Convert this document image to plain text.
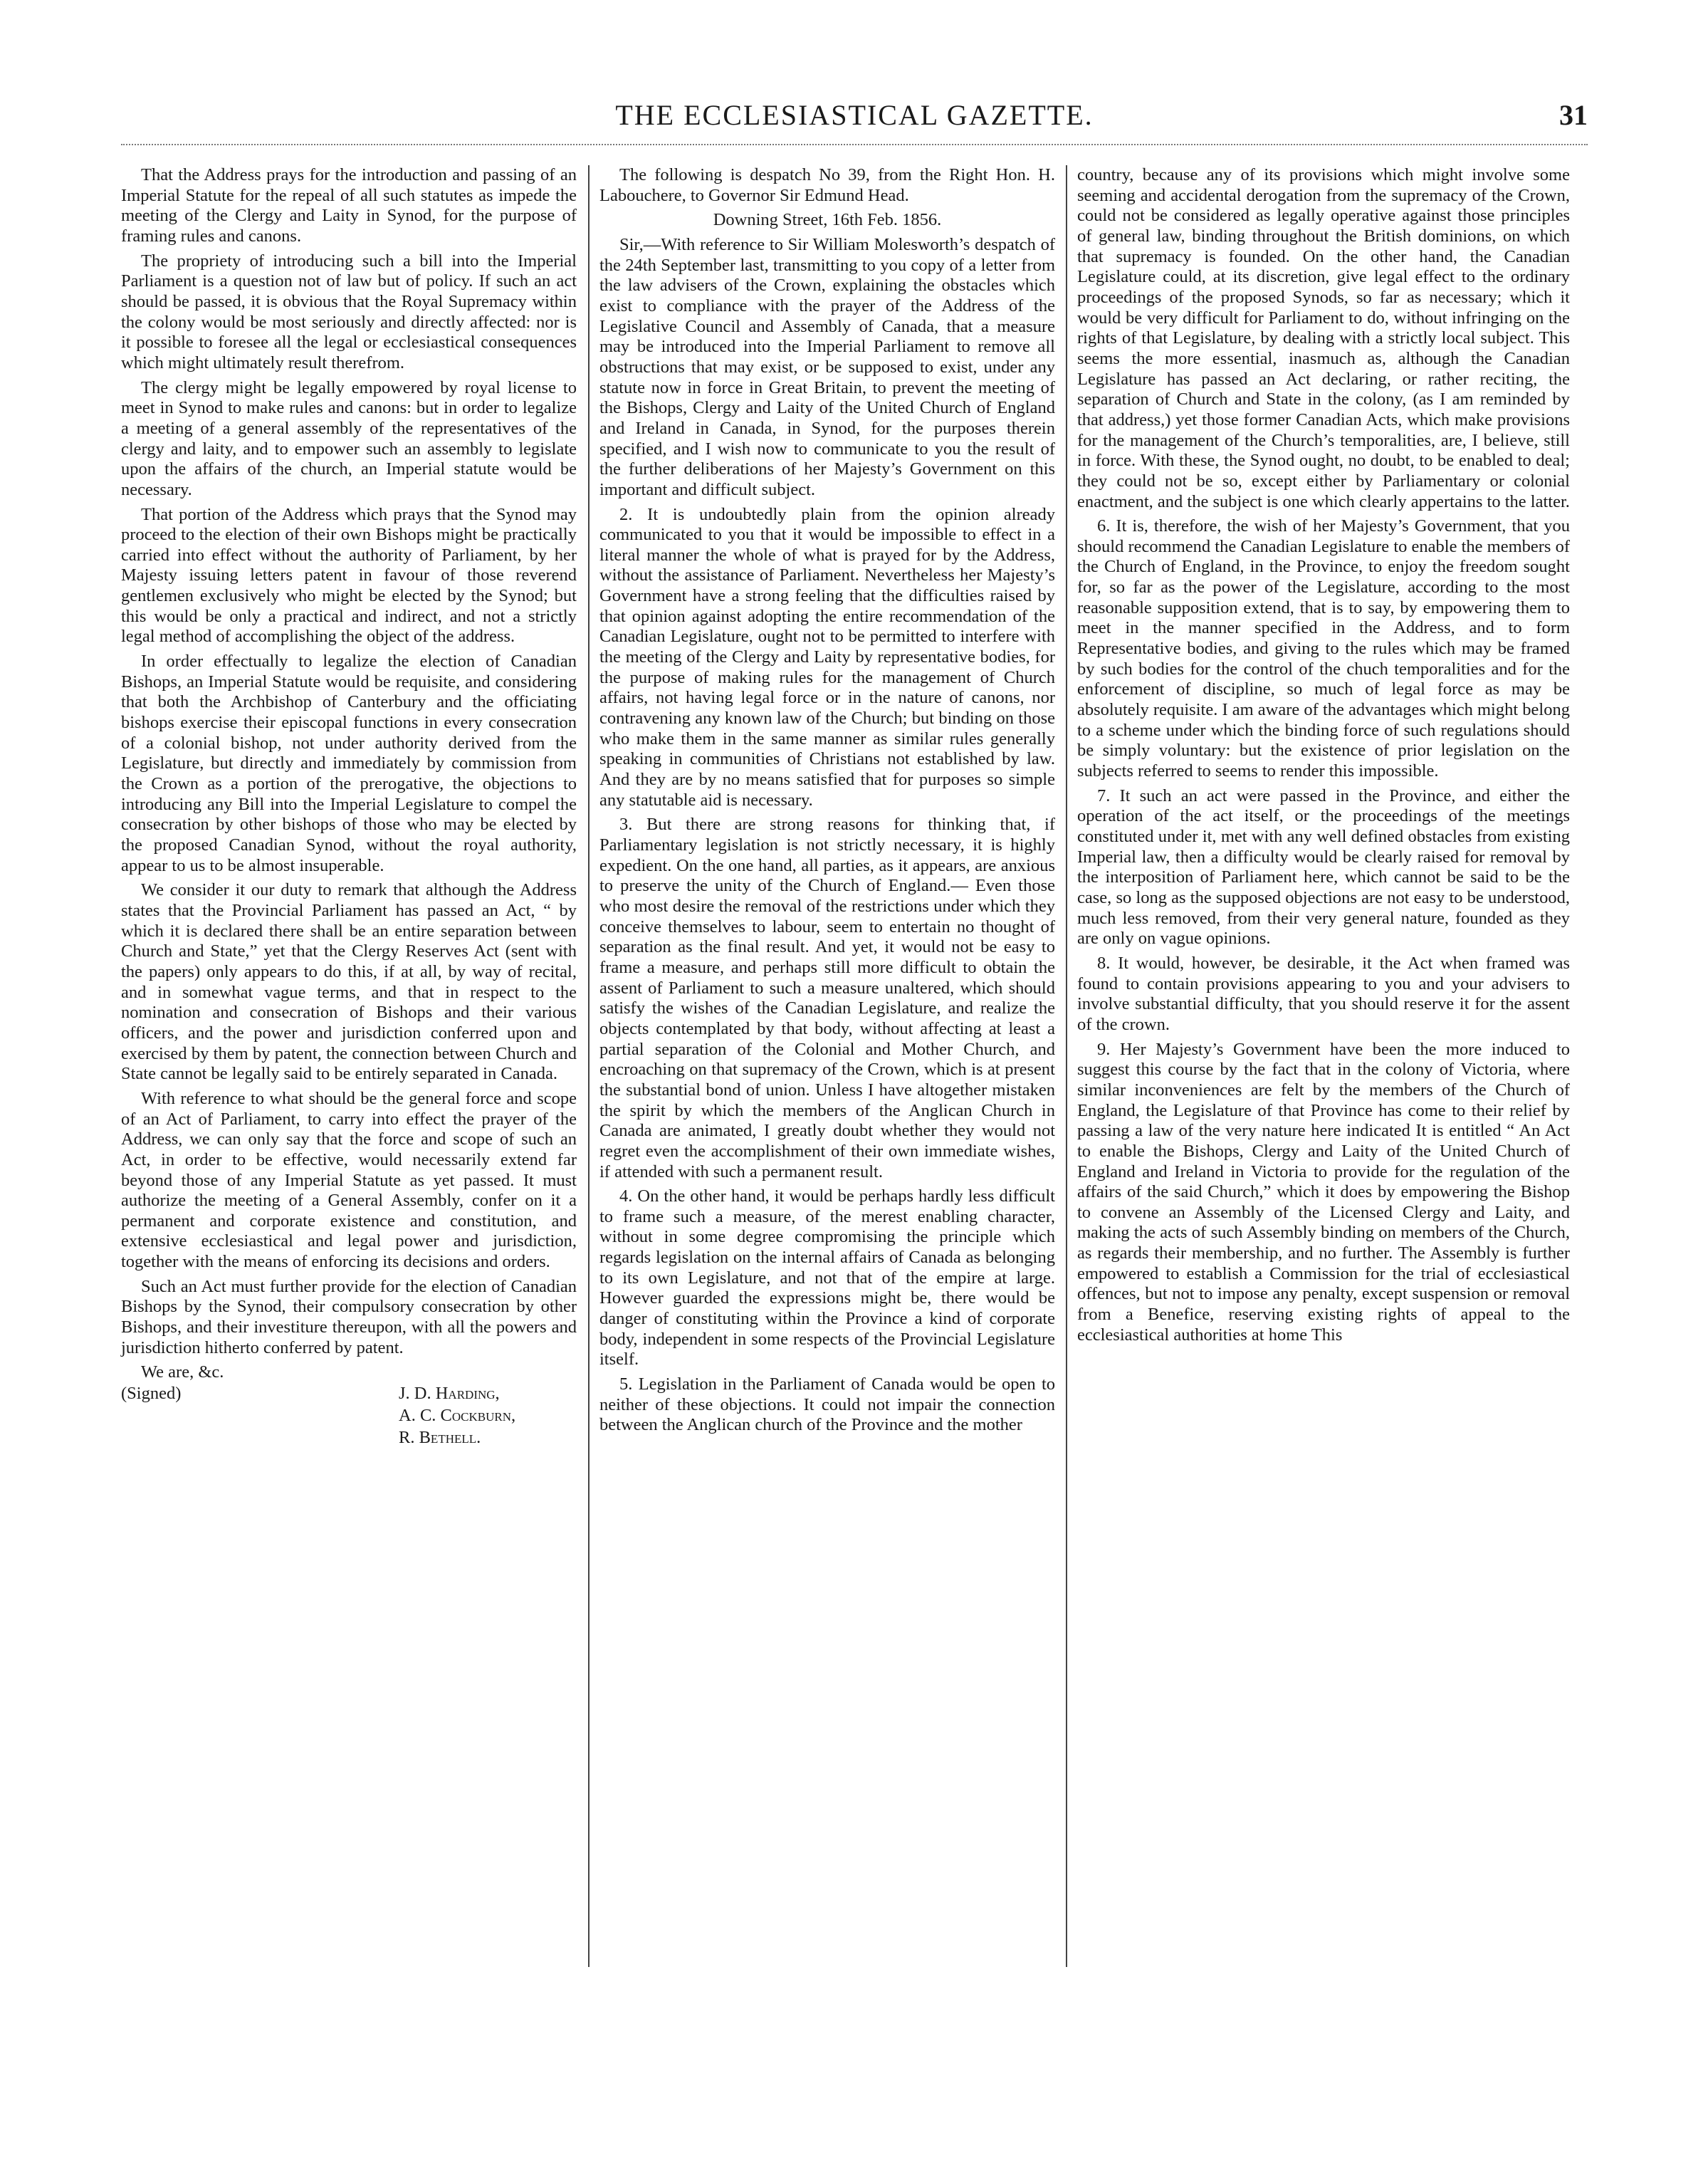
THE ECCLESIASTICAL GAZETTE.	31

That the Address prays for the introduction and passing of an Imperial Statute for the repeal of all such statutes as impede the meeting of the Clergy and Laity in Synod, for the purpose of framing rules and canons.

The propriety of introducing such a bill into the Imperial Parliament is a question not of law but of policy. If such an act should be passed, it is obvious that the Royal Supremacy within the colony would be most seriously and directly affected: nor is it possible to foresee all the legal or ecclesiastical consequences which might ultimately result therefrom.

The clergy might be legally empowered by royal license to meet in Synod to make rules and canons: but in order to legalize a meeting of a general assembly of the representatives of the clergy and laity, and to empower such an assembly to legislate upon the affairs of the church, an Imperial statute would be necessary.

That portion of the Address which prays that the Synod may proceed to the election of their own Bishops might be practically carried into effect without the authority of Parliament, by her Majesty issuing letters patent in favour of those reverend gentlemen exclusively who might be elected by the Synod; but this would be only a practical and indirect, and not a strictly legal method of accomplishing the object of the address.

In order effectually to legalize the election of Canadian Bishops, an Imperial Statute would be requisite, and considering that both the Archbishop of Canterbury and the officiating bishops exercise their episcopal functions in every consecration of a colonial bishop, not under authority derived from the Legislature, but directly and immediately by commission from the Crown as a portion of the prerogative, the objections to introducing any Bill into the Imperial Legislature to compel the consecration by other bishops of those who may be elected by the proposed Canadian Synod, without the royal authority, appear to us to be almost insuperable.

We consider it our duty to remark that although the Address states that the Provincial Parliament has passed an Act, “ by which it is declared there shall be an entire separation between Church and State,” yet that the Clergy Reserves Act (sent with the papers) only appears to do this, if at all, by way of recital, and in somewhat vague terms, and that in respect to the nomination and consecration of Bishops and their various officers, and the power and jurisdiction conferred upon and exercised by them by patent, the connection between Church and State cannot be legally said to be entirely separated in Canada.

With reference to what should be the general force and scope of an Act of Parliament, to carry into effect the prayer of the Address, we can only say that the force and scope of such an Act, in order to be effective, would necessarily extend far beyond those of any Imperial Statute as yet passed. It must authorize the meeting of a General Assembly, confer on it a permanent and corporate existence and constitution, and extensive ecclesiastical and legal power and jurisdiction, together with the means of enforcing its decisions and orders.

Such an Act must further provide for the election of Canadian Bishops by the Synod, their compulsory consecration by other Bishops, and their investiture thereupon, with all the powers and jurisdiction hitherto conferred by patent.

We are, &c.
(Signed)	J. D. Harding,
A. C. Cockburn,
R. Bethell.

The following is despatch No 39, from the Right Hon. H. Labouchere, to Governor Sir Edmund Head.

Downing Street, 16th Feb. 1856.

Sir,—With reference to Sir William Molesworth’s despatch of the 24th September last, transmitting to you copy of a letter from the law advisers of the Crown, explaining the obstacles which exist to compliance with the prayer of the Address of the Legislative Council and Assembly of Canada, that a measure may be introduced into the Imperial Parliament to remove all obstructions that may exist, or be supposed to exist, under any statute now in force in Great Britain, to prevent the meeting of the Bishops, Clergy and Laity of the United Church of England and Ireland in Canada, in Synod, for the purposes therein specified, and I wish now to communicate to you the result of the further deliberations of her Majesty’s Government on this important and difficult subject.

2. It is undoubtedly plain from the opinion already communicated to you that it would be impossible to effect in a literal manner the whole of what is prayed for by the Address, without the assistance of Parliament. Nevertheless her Majesty’s Government have a strong feeling that the difficulties raised by that opinion against adopting the entire recommendation of the Canadian Legislature, ought not to be permitted to interfere with the meeting of the Clergy and Laity by representative bodies, for the purpose of making rules for the management of Church affairs, not having legal force or in the nature of canons, nor contravening any known law of the Church; but binding on those who make them in the same manner as similar rules generally speaking in communities of Christians not established by law. And they are by no means satisfied that for purposes so simple any statutable aid is necessary.

3. But there are strong reasons for thinking that, if Parliamentary legislation is not strictly necessary, it is highly expedient. On the one hand, all parties, as it appears, are anxious to preserve the unity of the Church of England.— Even those who most desire the removal of the restrictions under which they conceive themselves to labour, seem to entertain no thought of separation as the final result. And yet, it would not be easy to frame a measure, and perhaps still more difficult to obtain the assent of Parliament to such a measure unaltered, which should satisfy the wishes of the Canadian Legislature, and realize the objects contemplated by that body, without affecting at least a partial separation of the Colonial and Mother Church, and encroaching on that supremacy of the Crown, which is at present the substantial bond of union. Unless I have altogether mistaken the spirit by which the members of the Anglican Church in Canada are animated, I greatly doubt whether they would not regret even the accomplishment of their own immediate wishes, if attended with such a permanent result.

4. On the other hand, it would be perhaps hardly less difficult to frame such a measure, of the merest enabling character, without in some degree compromising the principle which regards legislation on the internal affairs of Canada as belonging to its own Legislature, and not that of the empire at large. However guarded the expressions might be, there would be danger of constituting within the Province a kind of corporate body, independent in some respects of the Provincial Legislature itself.

5. Legislation in the Parliament of Canada would be open to neither of these objections. It could not impair the connection between the Anglican church of the Province and the mother

country, because any of its provisions which might involve some seeming and accidental derogation from the supremacy of the Crown, could not be considered as legally operative against those principles of general law, binding throughout the British dominions, on which that supremacy is founded. On the other hand, the Canadian Legislature could, at its discretion, give legal effect to the ordinary proceedings of the proposed Synods, so far as necessary; which it would be very difficult for Parliament to do, without infringing on the rights of that Legislature, by dealing with a strictly local subject. This seems the more essential, inasmuch as, although the Canadian Legislature has passed an Act declaring, or rather reciting, the separation of Church and State in the colony, (as I am reminded by that address,) yet those former Canadian Acts, which make provisions for the management of the Church’s temporalities, are, I believe, still in force. With these, the Synod ought, no doubt, to be enabled to deal; they could not be so, except either by Parliamentary or colonial enactment, and the subject is one which clearly appertains to the latter.

6. It is, therefore, the wish of her Majesty’s Government, that you should recommend the Canadian Legislature to enable the members of the Church of England, in the Province, to enjoy the freedom sought for, so far as the power of the Legislature, according to the most reasonable supposition extend, that is to say, by empowering them to meet in the manner specified in the Address, and to form Representative bodies, and giving to the rules which may be framed by such bodies for the control of the chuch temporalities and for the enforcement of discipline, so much of legal force as may be absolutely requisite. I am aware of the advantages which might belong to a scheme under which the binding force of such regulations should be simply voluntary: but the existence of prior legislation on the subjects referred to seems to render this impossible.

7. It such an act were passed in the Province, and either the operation of the act itself, or the proceedings of the meetings constituted under it, met with any well defined obstacles from existing Imperial law, then a difficulty would be clearly raised for removal by the interposition of Parliament here, which cannot be said to be the case, so long as the supposed objections are not easy to be understood, much less removed, from their very general nature, founded as they are only on vague opinions.

8. It would, however, be desirable, it the Act when framed was found to contain provisions appearing to you and your advisers to involve substantial difficulty, that you should reserve it for the assent of the crown.

9. Her Majesty’s Government have been the more induced to suggest this course by the fact that in the colony of Victoria, where similar inconveniences are felt by the members of the Church of England, the Legislature of that Province has come to their relief by passing a law of the very nature here indicated It is entitled “ An Act to enable the Bishops, Clergy and Laity of the United Church of England and Ireland in Victoria to provide for the regulation of the affairs of the said Church,” which it does by empowering the Bishop to convene an Assembly of the Licensed Clergy and Laity, and making the acts of such Assembly binding on members of the Church, as regards their membership, and no further. The Assembly is further empowered to establish a Commission for the trial of ecclesiastical offences, but not to impose any penalty, except suspension or removal from a Benefice, reserving existing rights of appeal to the ecclesiastical authorities at home This
